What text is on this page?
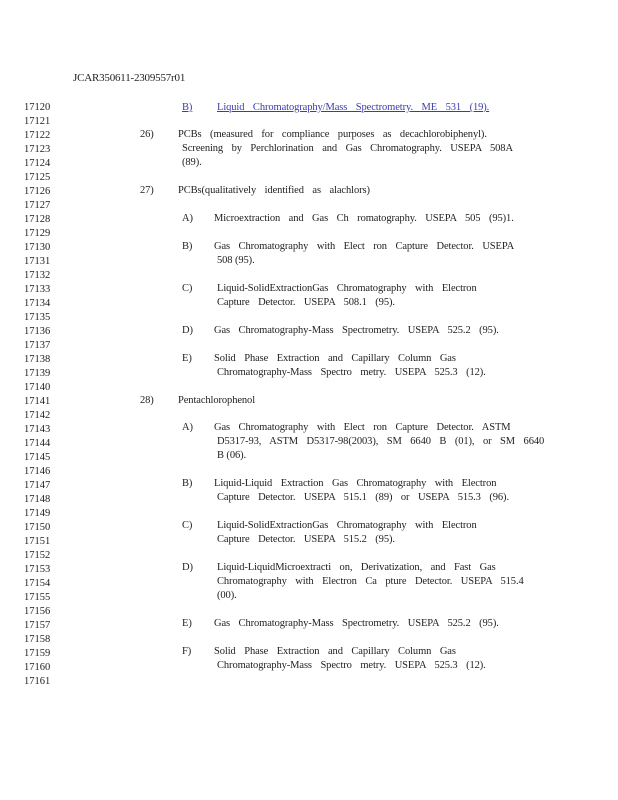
JCAR350611-2309557r01
17120
17121
17122
17123
17124
17125
17126
17127
17128
17129
17130
17131
17132
17133
17134
17135
17136
17137
17138
17139
17140
17141
17142
17143
17144
17145
17146
17147
17148
17149
17150
17151
17152
17153
17154
17155
17156
17157
17158
17159
17160
17161
B) Liquid Chromatography/Mass Spectrometry. ME 531 (19).
26) PCBs (measured for compliance purposes as decachlorobiphenyl).
Screening by Perchlorination and Gas Chromatography. USEPA 508A
(89).
27) PCBs(qualitatively identified as alachlors)
A) Microextraction and Gas Ch romatography. USEPA 505 (95)1.
B) Gas Chromatography with Elect ron Capture Detector. USEPA
508 (95).
C) Liquid-SolidExtractionGas Chromatography with Electron
Capture Detector. USEPA 508.1 (95).
D) Gas Chromatography-Mass Spectrometry. USEPA 525.2 (95).
E) Solid Phase Extraction and Capillary Column Gas
Chromatography-Mass Spectro metry. USEPA 525.3 (12).
28) Pentachlorophenol
A) Gas Chromatography with Elect ron Capture Detector. ASTM
D5317-93, ASTM D5317-98(2003), SM 6640 B (01), or SM 6640
B (06).
B) Liquid-Liquid Extraction Gas Chromatography with Electron
Capture Detector. USEPA 515.1 (89) or USEPA 515.3 (96).
C) Liquid-SolidExtractionGas Chromatography with Electron
Capture Detector. USEPA 515.2 (95).
D) Liquid-LiquidMicroextracti on, Derivatization, and Fast Gas
Chromatography with Electron Ca pture Detector. USEPA 515.4
(00).
E) Gas Chromatography-Mass Spectrometry. USEPA 525.2 (95).
F) Solid Phase Extraction and Capillary Column Gas
Chromatography-Mass Spectro metry. USEPA 525.3 (12).
